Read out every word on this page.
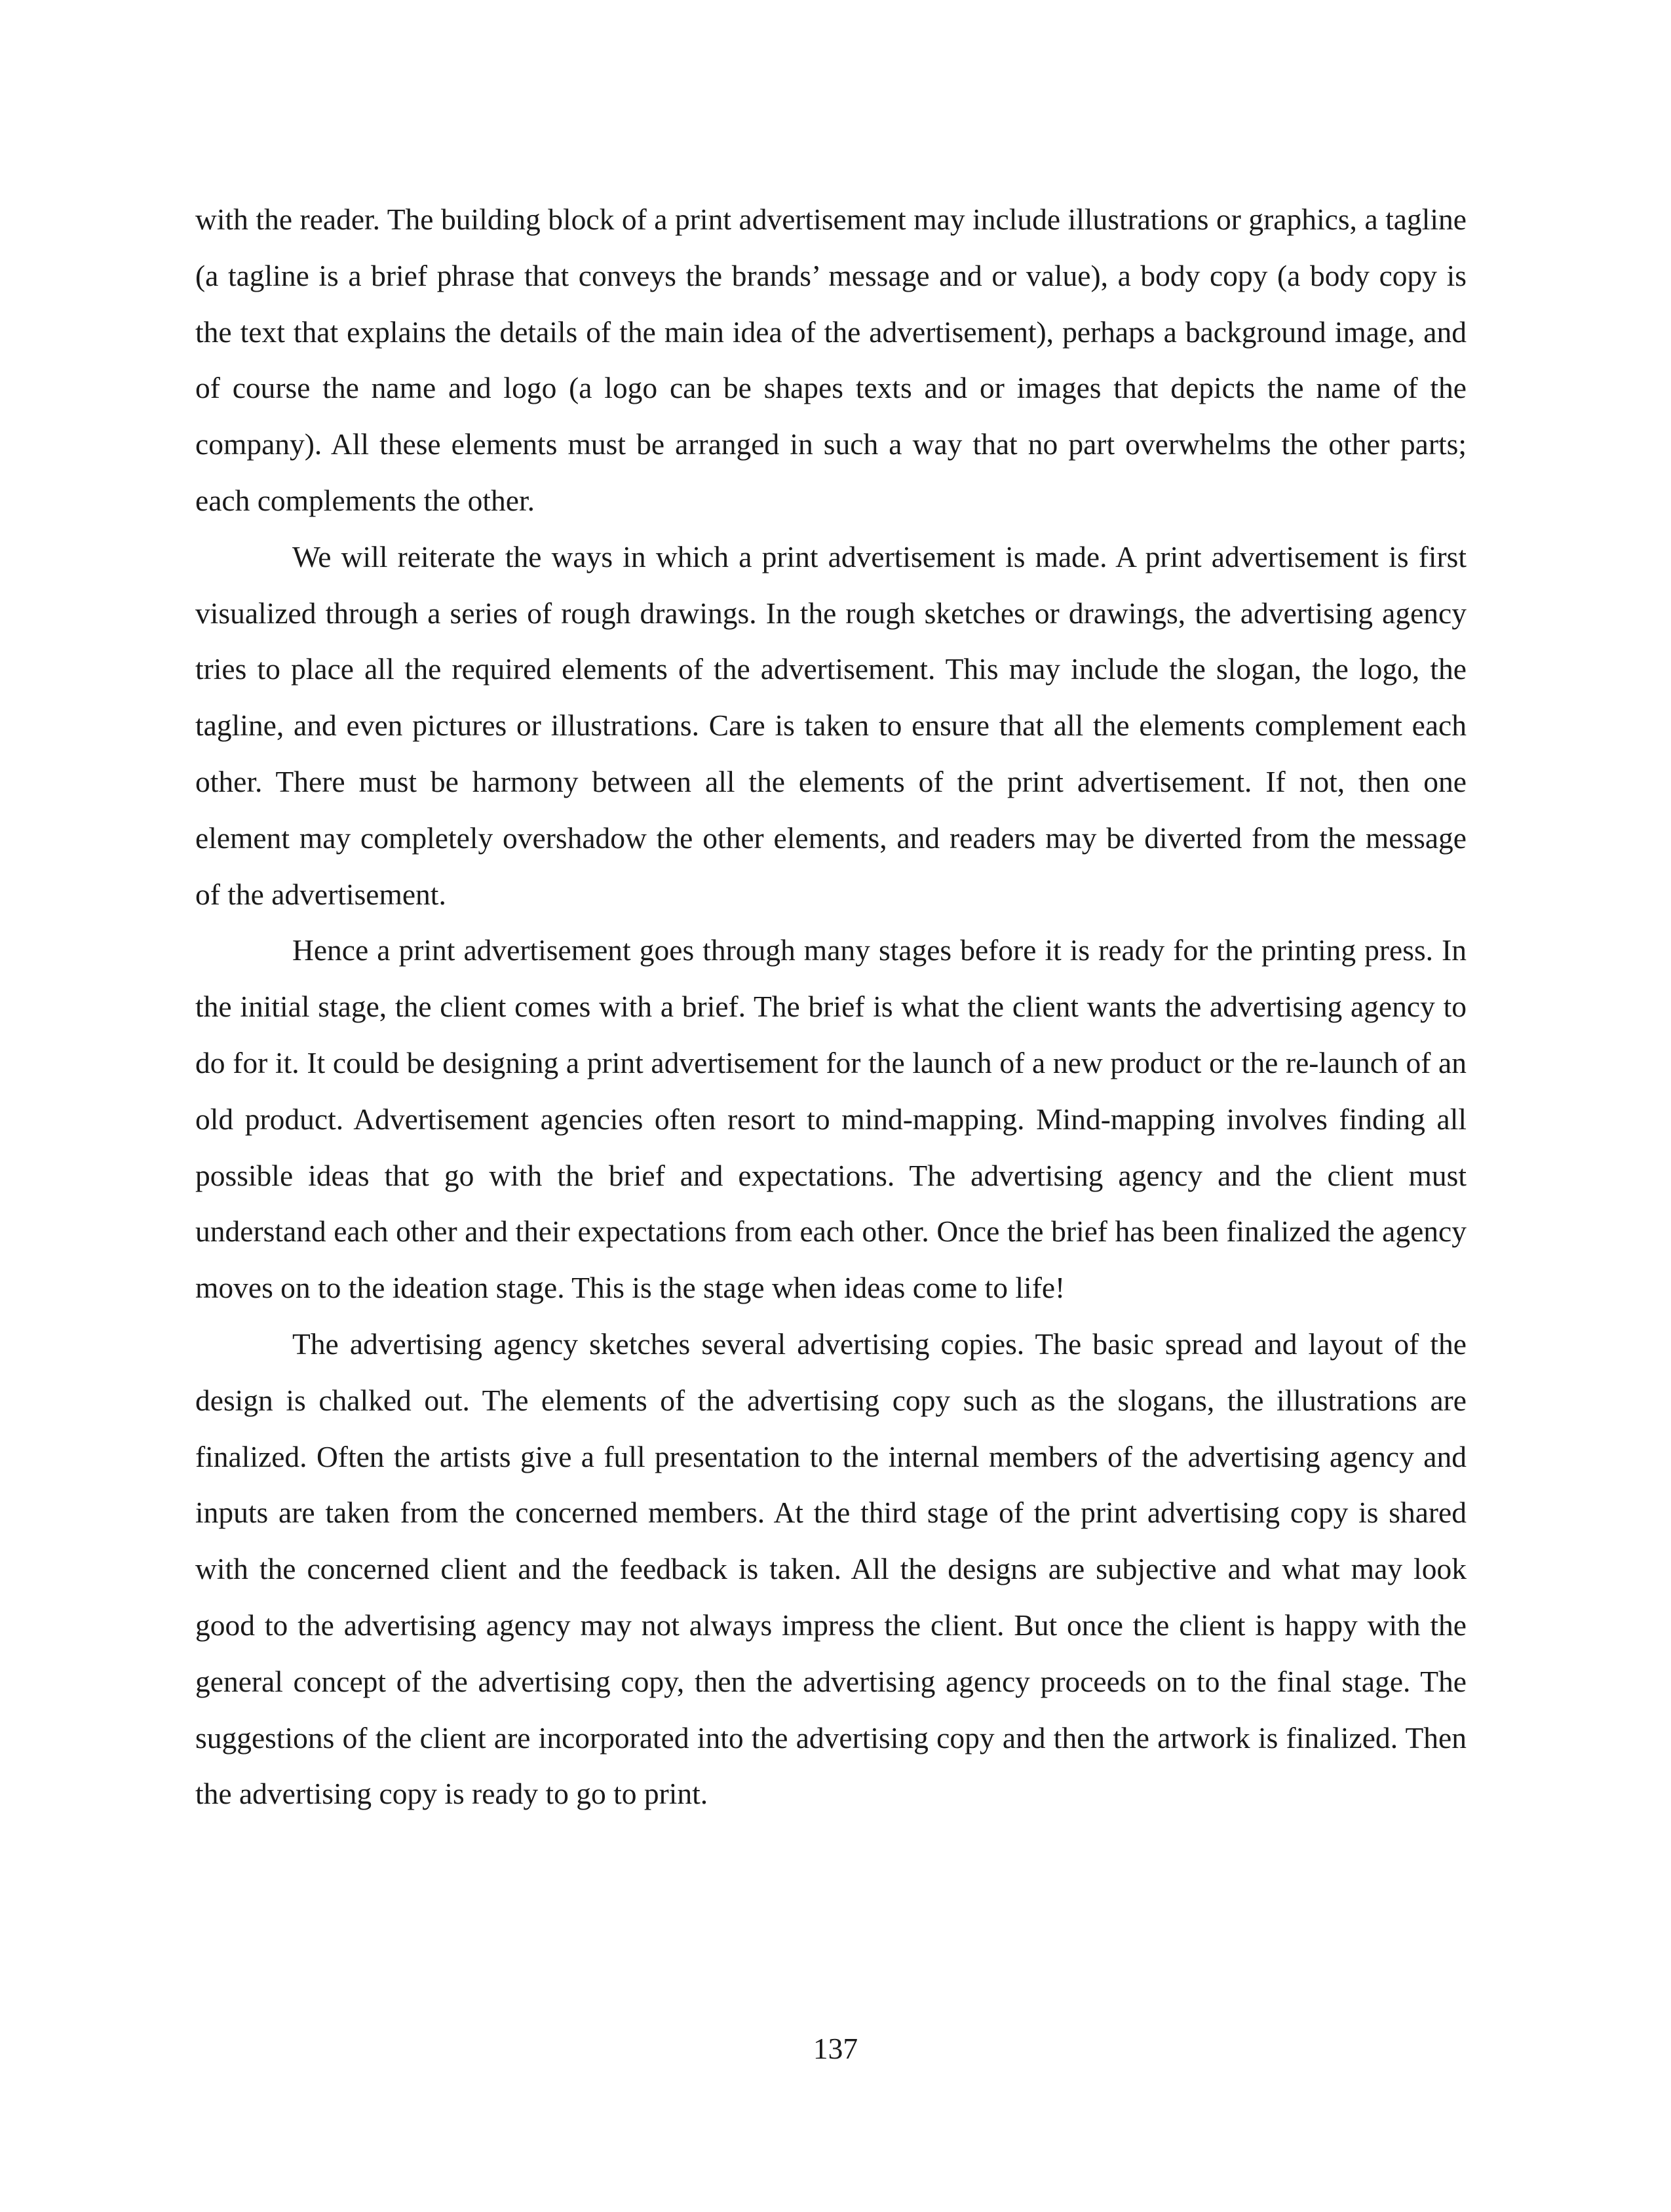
with the reader. The building block of a print advertisement may include illustrations or graphics, a tagline (a tagline is a brief phrase that conveys the brands’ message and or value), a body copy (a body copy is the text that explains the details of the main idea of the advertisement), perhaps a background image, and of course the name and logo (a logo can be shapes texts and or images that depicts the name of the company). All these elements must be arranged in such a way that no part overwhelms the other parts; each complements the other.

We will reiterate the ways in which a print advertisement is made. A print advertisement is first visualized through a series of rough drawings. In the rough sketches or drawings, the advertising agency tries to place all the required elements of the advertisement. This may include the slogan, the logo, the tagline, and even pictures or illustrations. Care is taken to ensure that all the elements complement each other. There must be harmony between all the elements of the print advertisement. If not, then one element may completely overshadow the other elements, and readers may be diverted from the message of the advertisement.

Hence a print advertisement goes through many stages before it is ready for the printing press. In the initial stage, the client comes with a brief. The brief is what the client wants the advertising agency to do for it. It could be designing a print advertisement for the launch of a new product or the re-launch of an old product. Advertisement agencies often resort to mind-mapping. Mind-mapping involves finding all possible ideas that go with the brief and expectations. The advertising agency and the client must understand each other and their expectations from each other. Once the brief has been finalized the agency moves on to the ideation stage. This is the stage when ideas come to life!

The advertising agency sketches several advertising copies. The basic spread and layout of the design is chalked out. The elements of the advertising copy such as the slogans, the illustrations are finalized. Often the artists give a full presentation to the internal members of the advertising agency and inputs are taken from the concerned members. At the third stage of the print advertising copy is shared with the concerned client and the feedback is taken. All the designs are subjective and what may look good to the advertising agency may not always impress the client. But once the client is happy with the general concept of the advertising copy, then the advertising agency proceeds on to the final stage. The suggestions of the client are incorporated into the advertising copy and then the artwork is finalized. Then the advertising copy is ready to go to print.

137
